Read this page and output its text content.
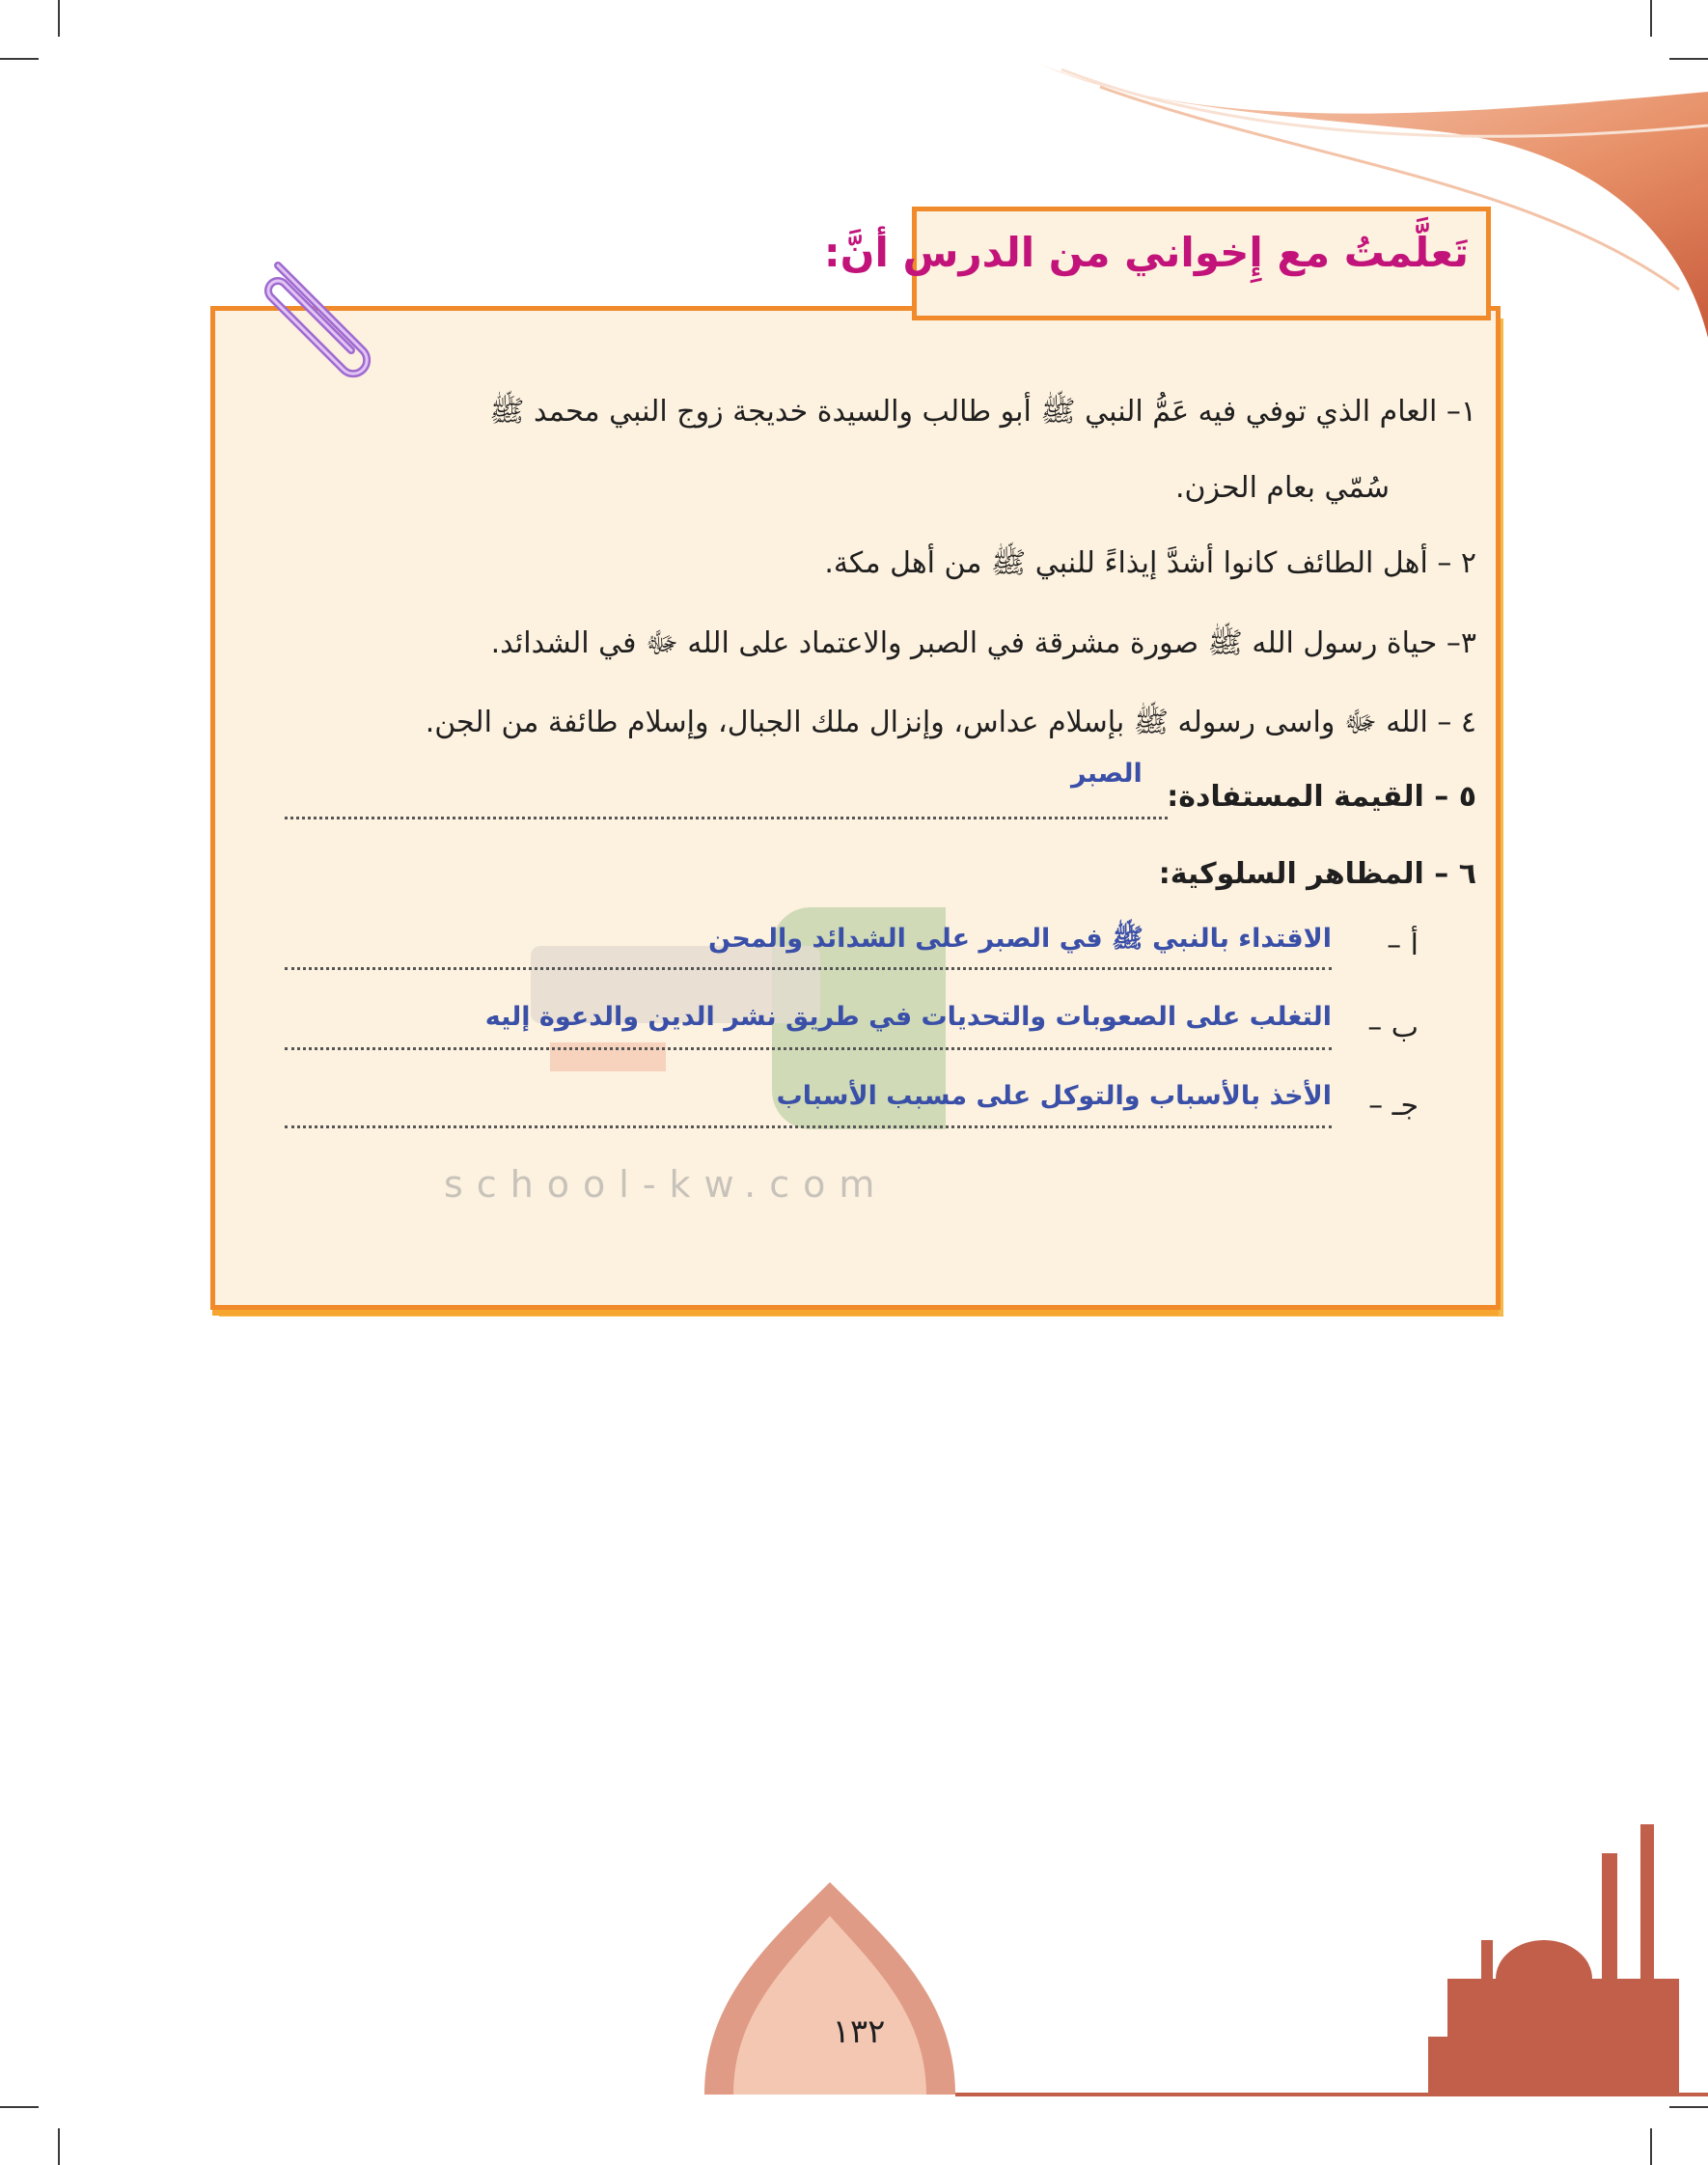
تَعلَّمتُ مع إِخواني من الدرس أنَّ:
school-kw.com
١– العام الذي توفي فيه عَمُّ النبي ﷺ أبو طالب والسيدة خديجة زوج النبي محمد ﷺ
سُمّي بعام الحزن.
٢ – أهل الطائف كانوا أشدَّ إيذاءً للنبي ﷺ من أهل مكة.
٣– حياة رسول الله ﷺ صورة مشرقة في الصبر والاعتماد على الله ﷻ في الشدائد.
٤ – الله ﷻ واسى رسوله ﷺ بإسلام عداس، وإنزال ملك الجبال، وإسلام طائفة من الجن.
٥ – القيمة المستفادة:
الصبر
٦ – المظاهر السلوكية:
أ –
الاقتداء بالنبي ﷺ في الصبر على الشدائد والمحن
ب –
التغلب على الصعوبات والتحديات في طريق نشر الدين والدعوة إليه
جـ –
الأخذ بالأسباب والتوكل على مسبب الأسباب
١٣٢
